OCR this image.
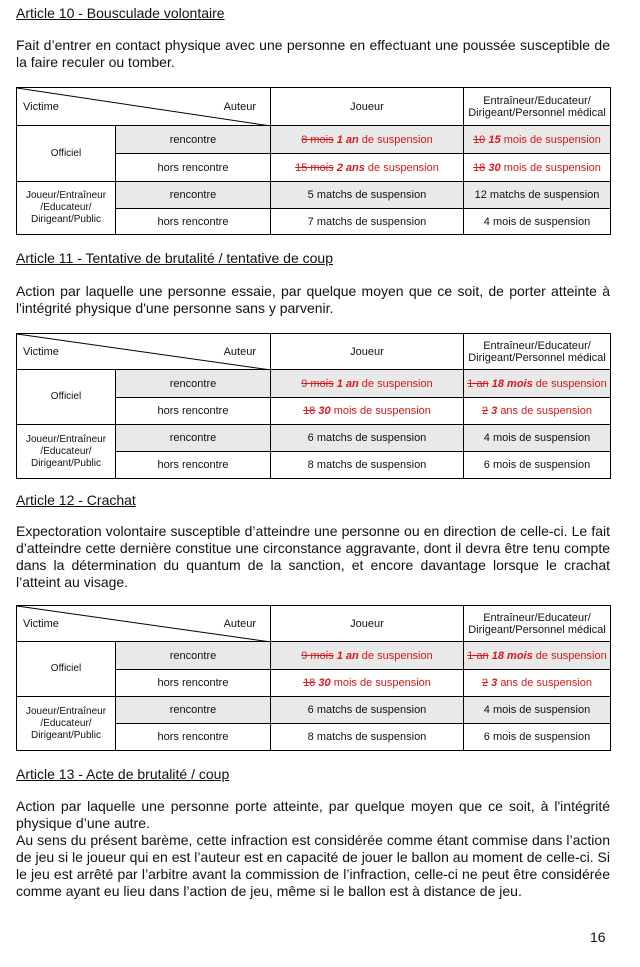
Article 10 - Bousculade volontaire

Fait d’entrer en contact physique avec une personne en effectuant une poussée susceptible de la faire reculer ou tomber.

Victime Auteur		Joueur	Entraîneur/Educateur/ Dirigeant/Personnel médical
Officiel	rencontre	8 mois 1 an de suspension	10 15 mois de suspension
	hors rencontre	15 mois 2 ans de suspension	18 30 mois de suspension
Joueur/Entraîneur /Educateur/ Dirigeant/Public	rencontre	5 matchs de suspension	12 matchs de suspension
	hors rencontre	7 matchs de suspension	4 mois de suspension
Article 11 - Tentative de brutalité / tentative de coup

Action par laquelle une personne essaie, par quelque moyen que ce soit, de porter atteinte à l'intégrité physique d'une personne sans y parvenir.

Victime Auteur		Joueur	Entraîneur/Educateur/ Dirigeant/Personnel médical
Officiel	rencontre	9 mois 1 an de suspension	1 an 18 mois de suspension
	hors rencontre	18 30 mois de suspension	2 3 ans de suspension
Joueur/Entraîneur /Educateur/ Dirigeant/Public	rencontre	6 matchs de suspension	4 mois de suspension
	hors rencontre	8 matchs de suspension	6 mois de suspension
Article 12 - Crachat

Expectoration volontaire susceptible d’atteindre une personne ou en direction de celle-ci. Le fait d’atteindre cette dernière constitue une circonstance aggravante, dont il devra être tenu compte dans la détermination du quantum de la sanction, et encore davantage lorsque le crachat l’atteint au visage.

Victime Auteur		Joueur	Entraîneur/Educateur/ Dirigeant/Personnel médical
Officiel	rencontre	9 mois 1 an de suspension	1 an 18 mois de suspension
	hors rencontre	18 30 mois de suspension	2 3 ans de suspension
Joueur/Entraîneur /Educateur/ Dirigeant/Public	rencontre	6 matchs de suspension	4 mois de suspension
	hors rencontre	8 matchs de suspension	6 mois de suspension
Article 13 - Acte de brutalité / coup

Action par laquelle une personne porte atteinte, par quelque moyen que ce soit, à l'intégrité physique d’une autre.

Au sens du présent barème, cette infraction est considérée comme étant commise dans l’action de jeu si le joueur qui en est l’auteur est en capacité de jouer le ballon au moment de celle-ci. Si le jeu est arrêté par l’arbitre avant la commission de l’infraction, celle-ci ne peut être considérée comme ayant eu lieu dans l’action de jeu, même si le ballon est à distance de jeu.

16
